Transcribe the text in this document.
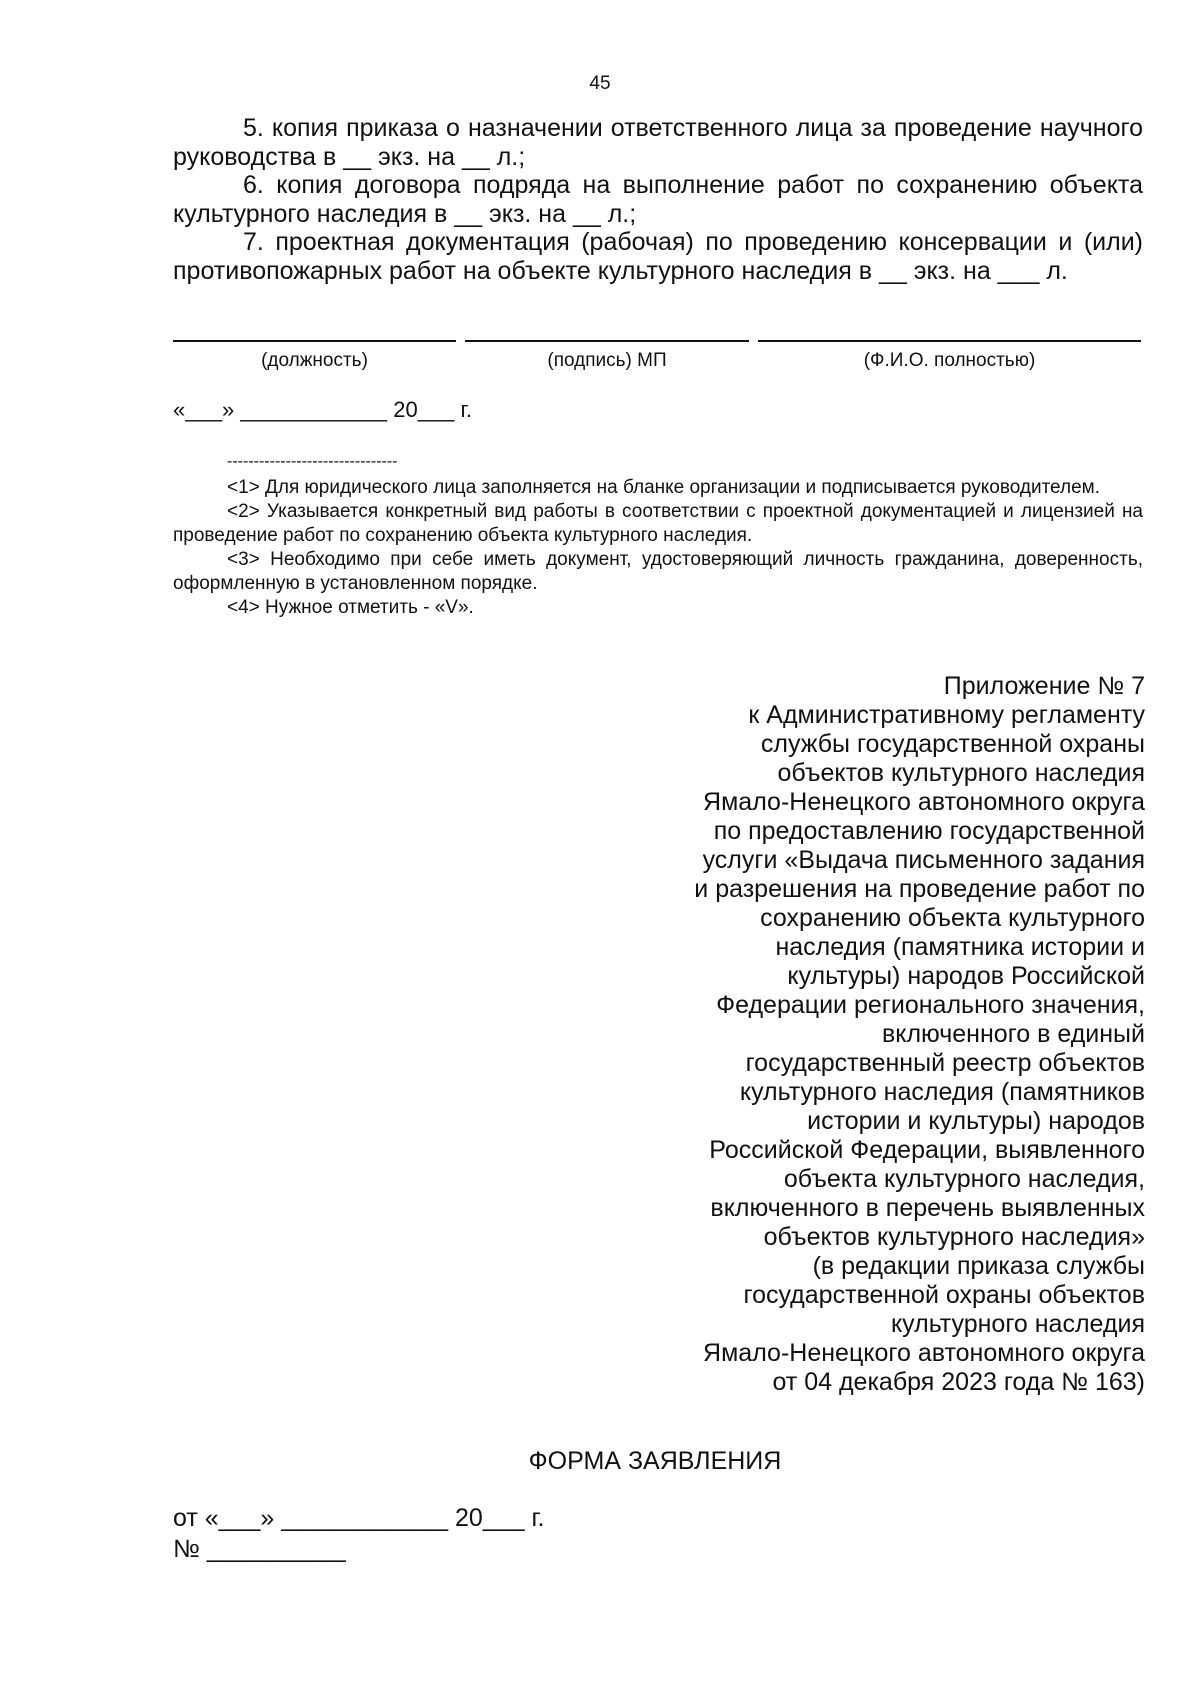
45

5. копия приказа о назначении ответственного лица за проведение научного руководства в __ экз. на __ л.;

6. копия договора подряда на выполнение работ по сохранению объекта культурного наследия в __ экз. на __ л.;

7. проектная документация (рабочая) по проведению консервации и (или) противопожарных работ на объекте культурного наследия в __ экз. на ___ л.

(должность)	(подпись) МП	(Ф.И.О. полностью)
«___» ____________ 20___ г.
--------------------------------

<1> Для юридического лица заполняется на бланке организации и подписывается руководителем.

<2> Указывается конкретный вид работы в соответствии с проектной документацией и лицензией на проведение работ по сохранению объекта культурного наследия.

<3> Необходимо при себе иметь документ, удостоверяющий личность гражданина, доверенность, оформленную в установленном порядке.

<4> Нужное отметить - «V».

Приложение № 7
к Административному регламенту
службы государственной охраны
объектов культурного наследия
Ямало-Ненецкого автономного округа
по предоставлению государственной
услуги «Выдача письменного задания
и разрешения на проведение работ по
сохранению объекта культурного
наследия (памятника истории и
культуры) народов Российской
Федерации регионального значения,
включенного в единый
государственный реестр объектов
культурного наследия (памятников
истории и культуры) народов
Российской Федерации, выявленного
объекта культурного наследия,
включенного в перечень выявленных
объектов культурного наследия»
(в редакции приказа службы
государственной охраны объектов
культурного наследия
Ямало-Ненецкого автономного округа
от 04 декабря 2023 года № 163)
ФОРМА ЗАЯВЛЕНИЯ
от «___» ____________ 20___ г.
№ __________
